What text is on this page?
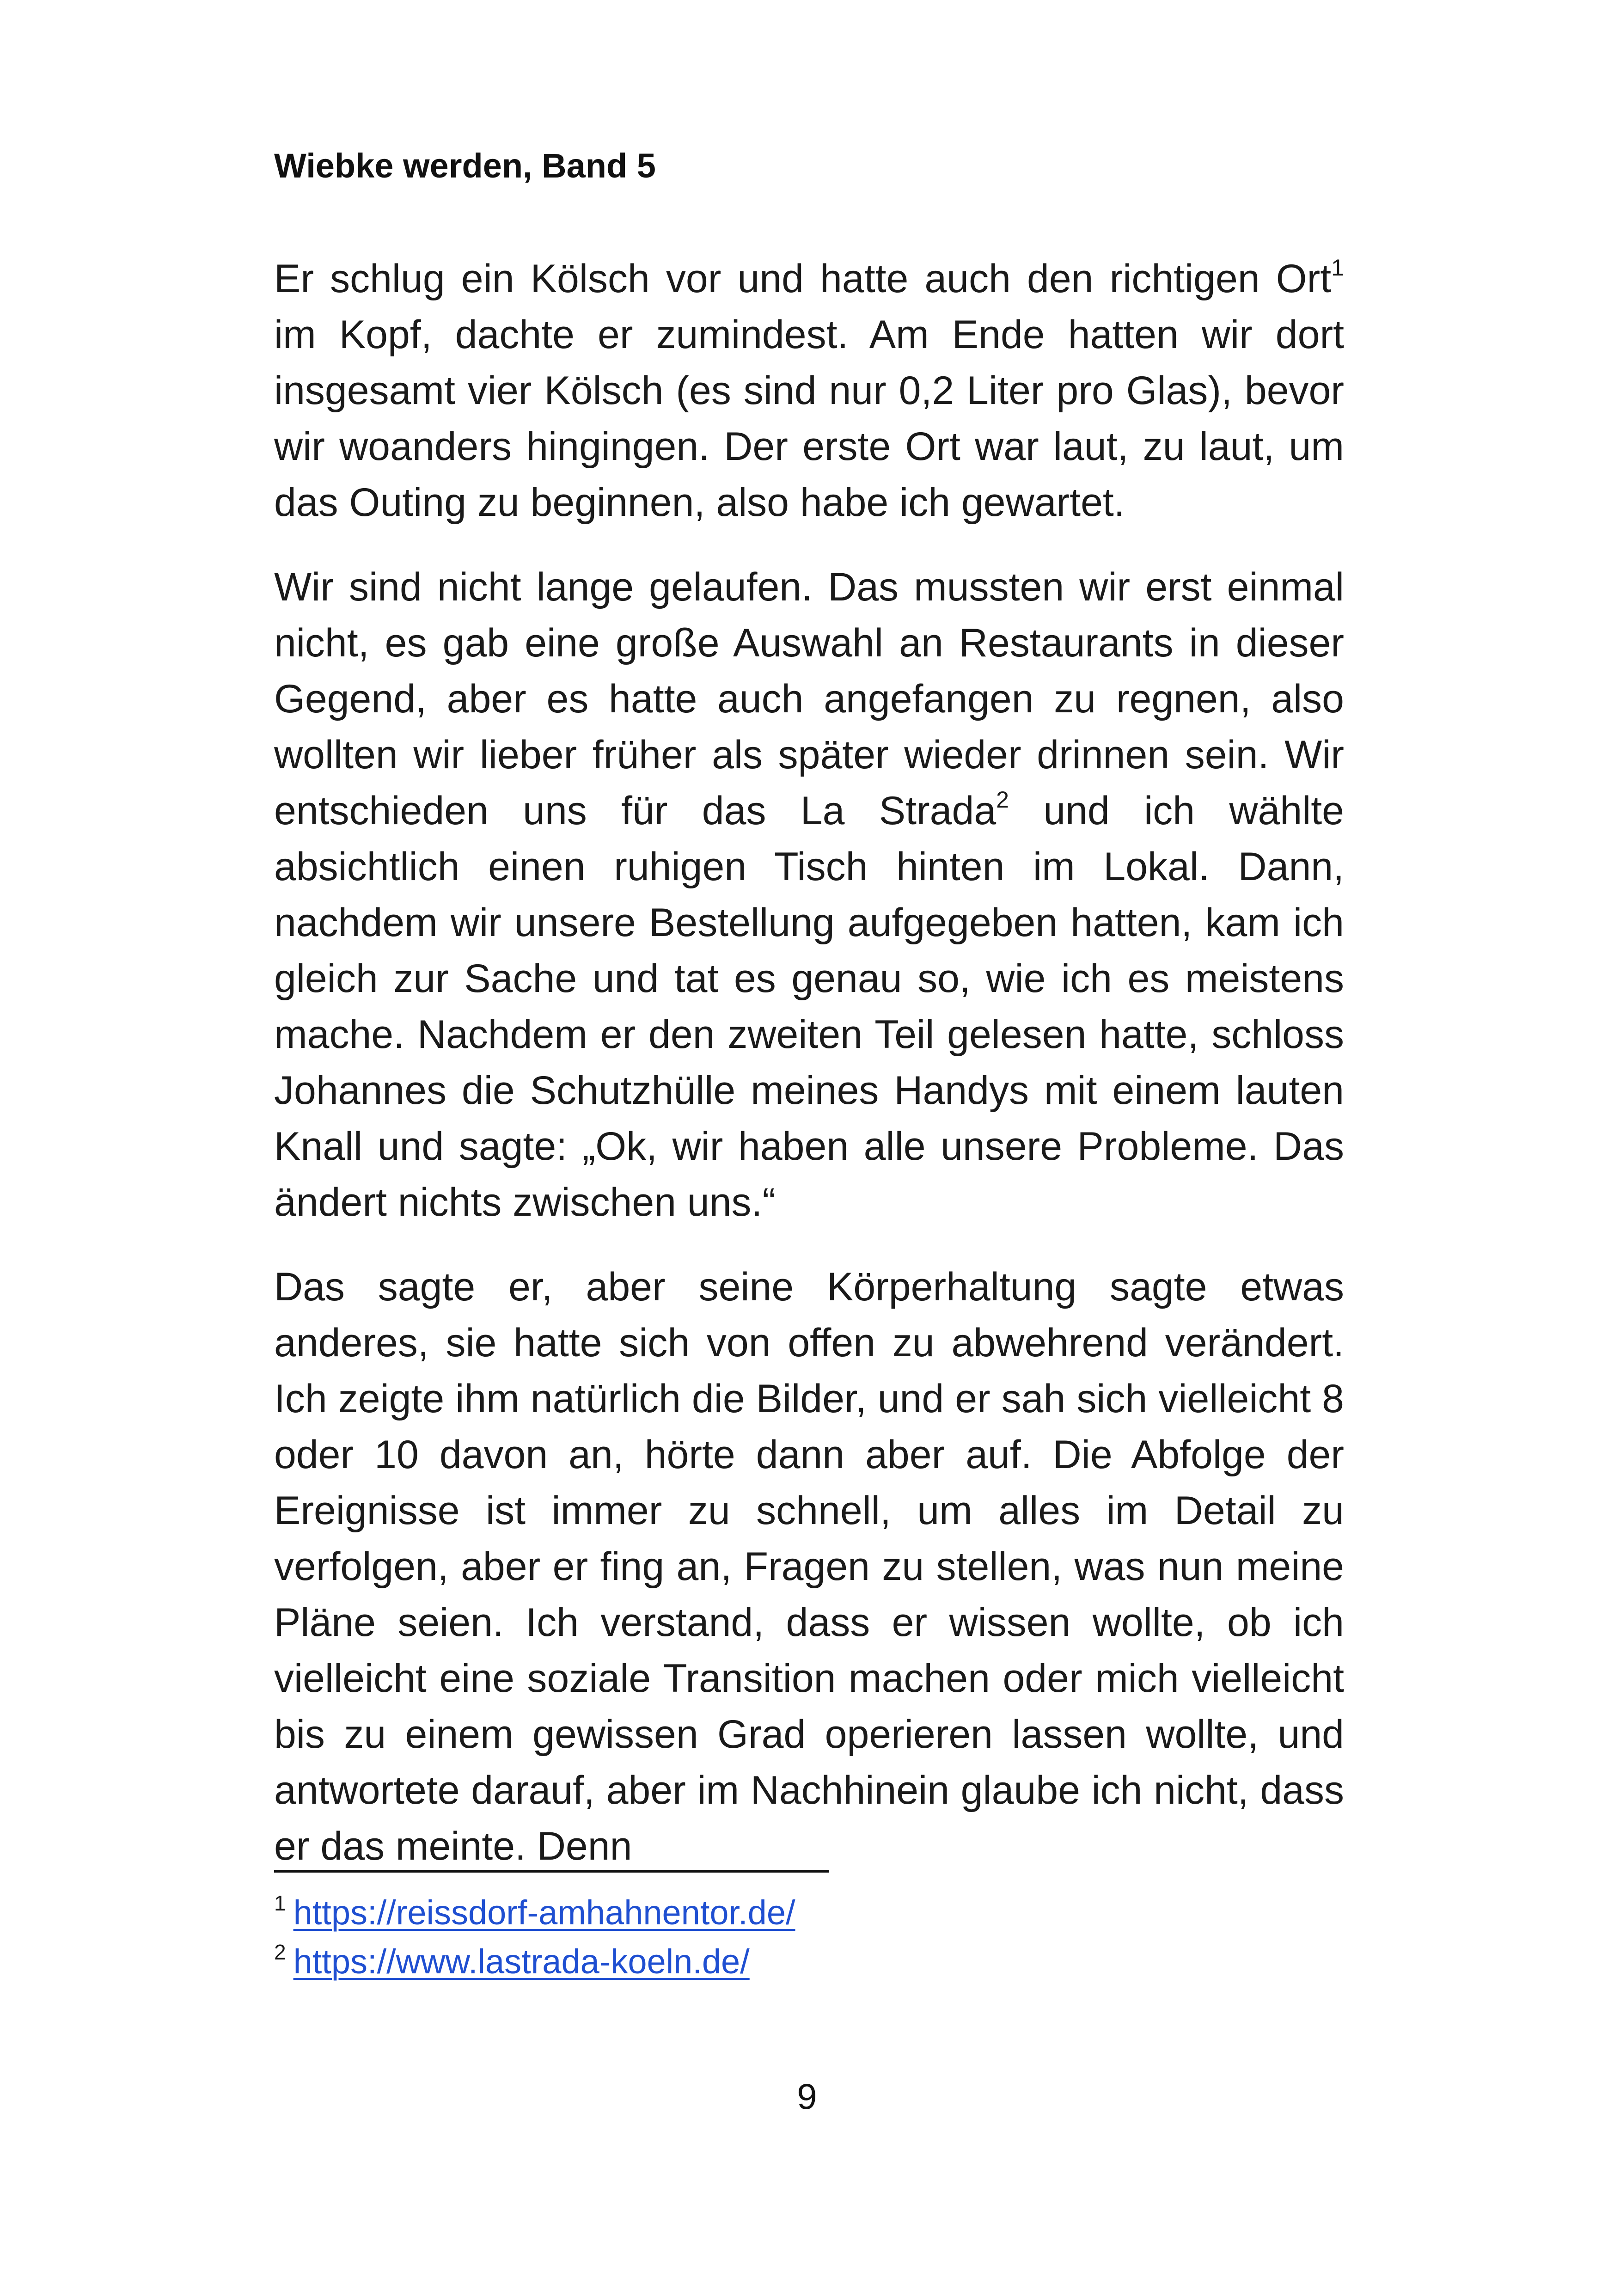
Wiebke werden, Band 5

Er schlug ein Kölsch vor und hatte auch den richtigen Ort$^1$ im Kopf, dachte er zumindest. Am Ende hatten wir dort insgesamt vier Kölsch (es sind nur 0,2 Liter pro Glas), bevor wir woanders hingingen. Der erste Ort war laut, zu laut, um das Outing zu beginnen, also habe ich gewartet.

Wir sind nicht lange gelaufen. Das mussten wir erst einmal nicht, es gab eine große Auswahl an Restaurants in dieser Gegend, aber es hatte auch angefangen zu regnen, also wollten wir lieber früher als später wieder drinnen sein. Wir entschieden uns für das La Strada$^2$ und ich wählte absichtlich einen ruhigen Tisch hinten im Lokal. Dann, nachdem wir unsere Bestellung aufgegeben hatten, kam ich gleich zur Sache und tat es genau so, wie ich es meistens mache. Nachdem er den zweiten Teil gelesen hatte, schloss Johannes die Schutzhülle meines Handys mit einem lauten Knall und sagte: „Ok, wir haben alle unsere Probleme. Das ändert nichts zwischen uns.“

Das sagte er, aber seine Körperhaltung sagte etwas anderes, sie hatte sich von offen zu abwehrend verändert. Ich zeigte ihm natürlich die Bilder, und er sah sich vielleicht 8 oder 10 davon an, hörte dann aber auf. Die Abfolge der Ereignisse ist immer zu schnell, um alles im Detail zu verfolgen, aber er fing an, Fragen zu stellen, was nun meine Pläne seien. Ich verstand, dass er wissen wollte, ob ich vielleicht eine soziale Transition machen oder mich vielleicht bis zu einem gewissen Grad operieren lassen wollte, und antwortete darauf, aber im Nachhinein glaube ich nicht, dass er das meinte. Denn

$^1$ https://reissdorf-amhahnentor.de/
$^2$ https://www.lastrada-koeln.de/
9
